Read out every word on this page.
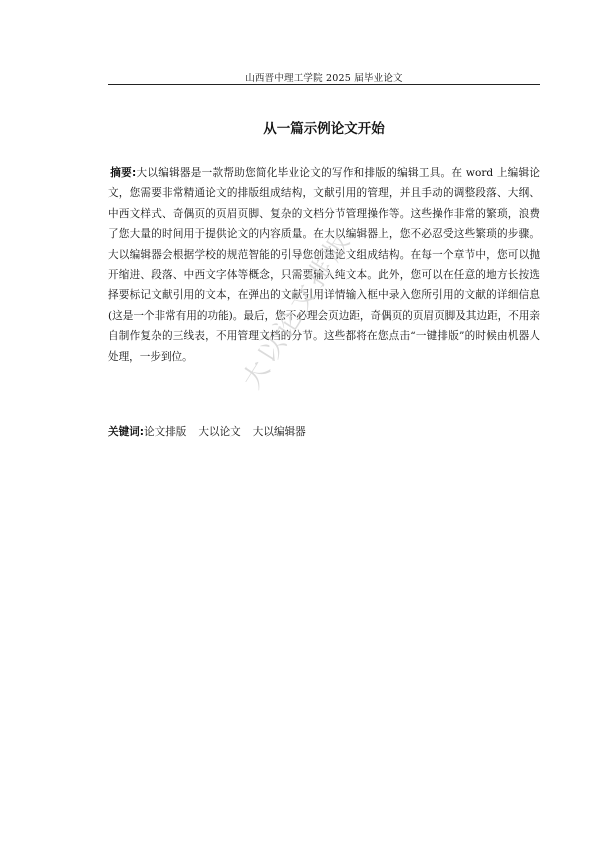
山西晋中理工学院 2025 届毕业论文
从一篇示例论文开始
摘要:大以编辑器是一款帮助您简化毕业论文的写作和排版的编辑工具。在 word 上编辑论文，您需要非常精通论文的排版组成结构，文献引用的管理，并且手动的调整段落、大纲、中西文样式、奇偶页的页眉页脚、复杂的文档分节管理操作等。这些操作非常的繁琐，浪费了您大量的时间用于提供论文的内容质量。在大以编辑器上，您不必忍受这些繁琐的步骤。大以编辑器会根据学校的规范智能的引导您创建论文组成结构。在每一个章节中，您可以抛开缩进、段落、中西文字体等概念，只需要输入纯文本。此外，您可以在任意的地方长按选择要标记文献引用的文本，在弹出的文献引用详情输入框中录入您所引用的文献的详细信息(这是一个非常有用的功能)。最后，您不必理会页边距，奇偶页的页眉页脚及其边距，不用亲自制作复杂的三线表，不用管理文档的分节。这些都将在您点击“一键排版”的时候由机器人处理，一步到位。
关键词:论文排版 大以论文 大以编辑器
大以论文排版
